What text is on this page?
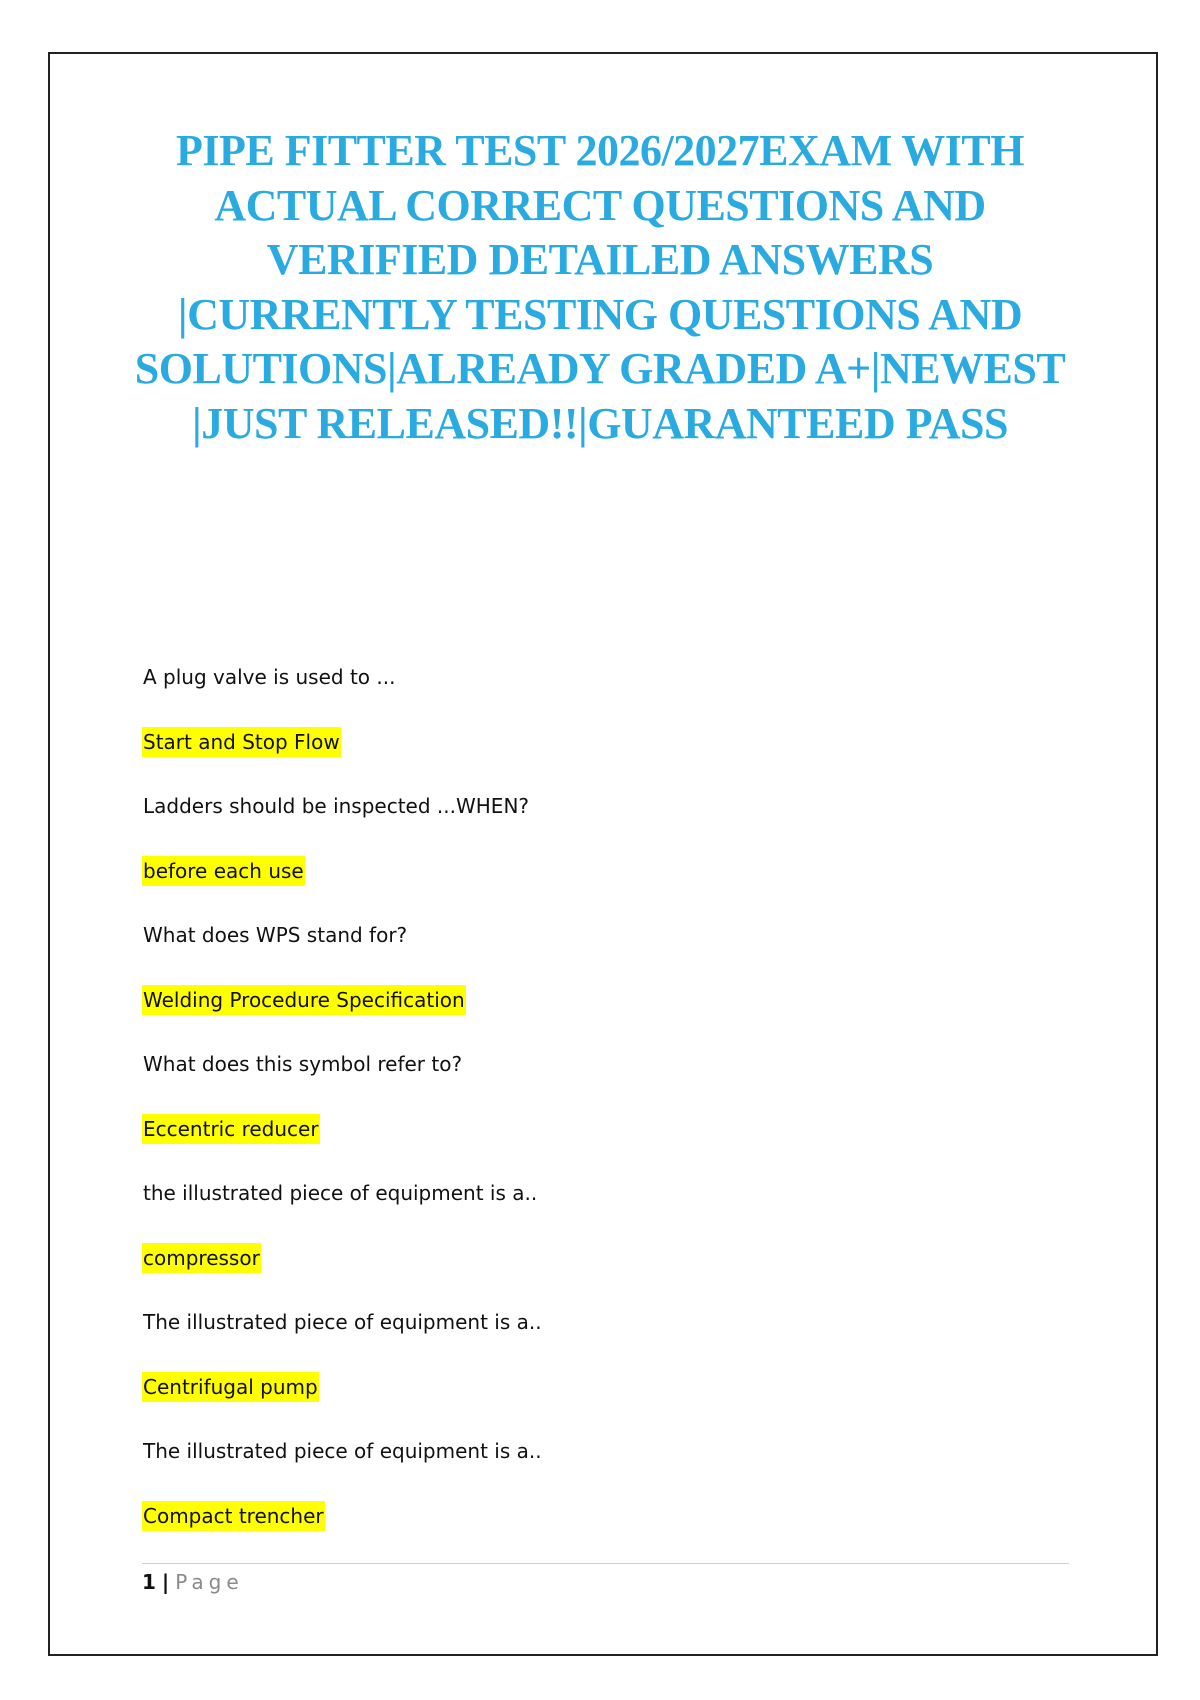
PIPE FITTER TEST 2026/2027EXAM WITH
ACTUAL CORRECT QUESTIONS AND
VERIFIED DETAILED ANSWERS
|CURRENTLY TESTING QUESTIONS AND
SOLUTIONS|ALREADY GRADED A+|NEWEST
|JUST RELEASED!!|GUARANTEED PASS
A plug valve is used to ...
Start and Stop Flow
Ladders should be inspected ...WHEN?
before each use
What does WPS stand for?
Welding Procedure Specification
What does this symbol refer to?
Eccentric reducer
the illustrated piece of equipment is a..
compressor
The illustrated piece of equipment is a..
Centrifugal pump
The illustrated piece of equipment is a..
Compact trencher
1 | Page
